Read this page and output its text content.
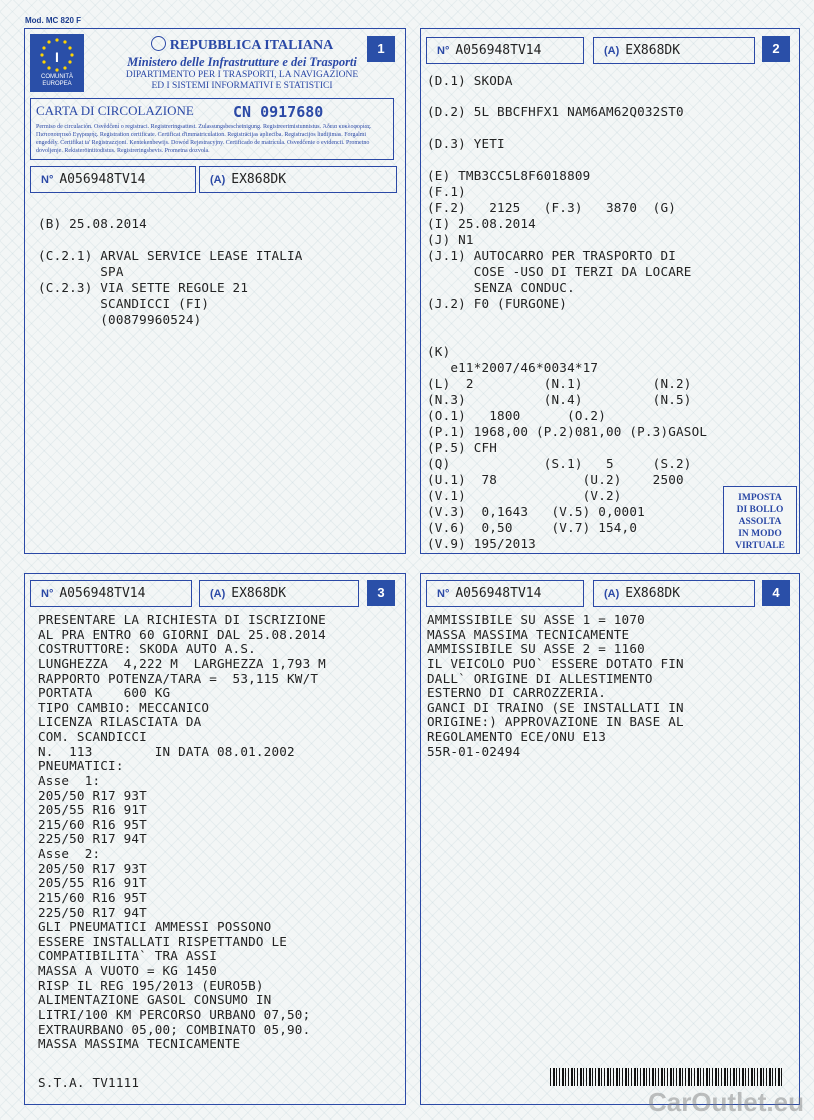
Mod. MC 820 F
1
I
COMUNITÀ EUROPEA
REPUBBLICA ITALIANA
Ministero delle Infrastrutture e dei Trasporti
DIPARTIMENTO PER I TRASPORTI, LA NAVIGAZIONE
ED I SISTEMI INFORMATIVI E STATISTICI
CARTA DI CIRCOLAZIONE	CN 0917680
Permiso de circulación. Osvědčení o registraci. Registreringsattest. Zulassungsbescheinigung. Registreerimistunnistus. Άδεια κυκλοφορίας. Πιστοποιητικό Εγγραφής. Registration certificate. Certificat d'immatriculation. Registrācijas apliecība. Registracijos liudijimas. Forgalmi engedély. Ċertifikat ta' Reġistrazzjoni. Kentekenbewijs. Dowód Rejestracyjny. Certificado de matrícula. Osvedčenie o evidencii. Prometno dovoljenje. Rekisteröintitodistus. Registreringsbevis. Prometna dozvola.
N° A056948TV14	(A) EX868DK
(B) 25.08.2014
(C.2.1) ARVAL SERVICE LEASE ITALIA
SPA
(C.2.3) VIA SETTE REGOLE 21
SCANDICCI (FI)
(00879960524)
2
N° A056948TV14	(A) EX868DK
(D.1) SKODA
(D.2) 5L BBCFHFX1 NAM6AM62Q032ST0
(D.3) YETI
(E) TMB3CC5L8F6018809
(F.1)
(F.2)   2125   (F.3)   3870  (G)
(I) 25.08.2014
(J) N1
(J.1) AUTOCARRO PER TRASPORTO DI
COSE -USO DI TERZI DA LOCARE
SENZA CONDUC.
(J.2) F0 (FURGONE)
(K)
e11*2007/46*0034*17
(L)  2         (N.1)         (N.2)
(N.3)          (N.4)         (N.5)
(O.1)   1800      (O.2)
(P.1) 1968,00 (P.2)081,00 (P.3)GASOL
(P.5) CFH
(Q)            (S.1)   5     (S.2)
(U.1)  78           (U.2)    2500
(V.1)               (V.2)
(V.3)  0,1643   (V.5) 0,0001
(V.6)  0,50     (V.7) 154,0
(V.9) 195/2013
IMPOSTA
DI BOLLO
ASSOLTA
IN MODO
VIRTUALE
3
N° A056948TV14	(A) EX868DK
PRESENTARE LA RICHIESTA DI ISCRIZIONE
AL PRA ENTRO 60 GIORNI DAL 25.08.2014
COSTRUTTORE: SKODA AUTO A.S.
LUNGHEZZA  4,222 M  LARGHEZZA 1,793 M
RAPPORTO POTENZA/TARA =  53,115 KW/T
PORTATA    600 KG
TIPO CAMBIO: MECCANICO
LICENZA RILASCIATA DA
COM. SCANDICCI
N.  113        IN DATA 08.01.2002
PNEUMATICI:
Asse  1:
205/50 R17 93T
205/55 R16 91T
215/60 R16 95T
225/50 R17 94T
Asse  2:
205/50 R17 93T
205/55 R16 91T
215/60 R16 95T
225/50 R17 94T
GLI PNEUMATICI AMMESSI POSSONO
ESSERE INSTALLATI RISPETTANDO LE
COMPATIBILITA` TRA ASSI
MASSA A VUOTO = KG 1450
RISP IL REG 195/2013 (EURO5B)
ALIMENTAZIONE GASOL CONSUMO IN
LITRI/100 KM PERCORSO URBANO 07,50;
EXTRAURBANO 05,00; COMBINATO 05,90.
MASSA MASSIMA TECNICAMENTE
S.T.A. TV1111
4
N° A056948TV14	(A) EX868DK
AMMISSIBILE SU ASSE 1 = 1070
MASSA MASSIMA TECNICAMENTE
AMMISSIBILE SU ASSE 2 = 1160
IL VEICOLO PUO` ESSERE DOTATO FIN
DALL` ORIGINE DI ALLESTIMENTO
ESTERNO DI CARROZZERIA.
GANCI DI TRAINO (SE INSTALLATI IN
ORIGINE:) APPROVAZIONE IN BASE AL
REGOLAMENTO ECE/ONU E13
55R-01-02494
CarOutlet.eu
